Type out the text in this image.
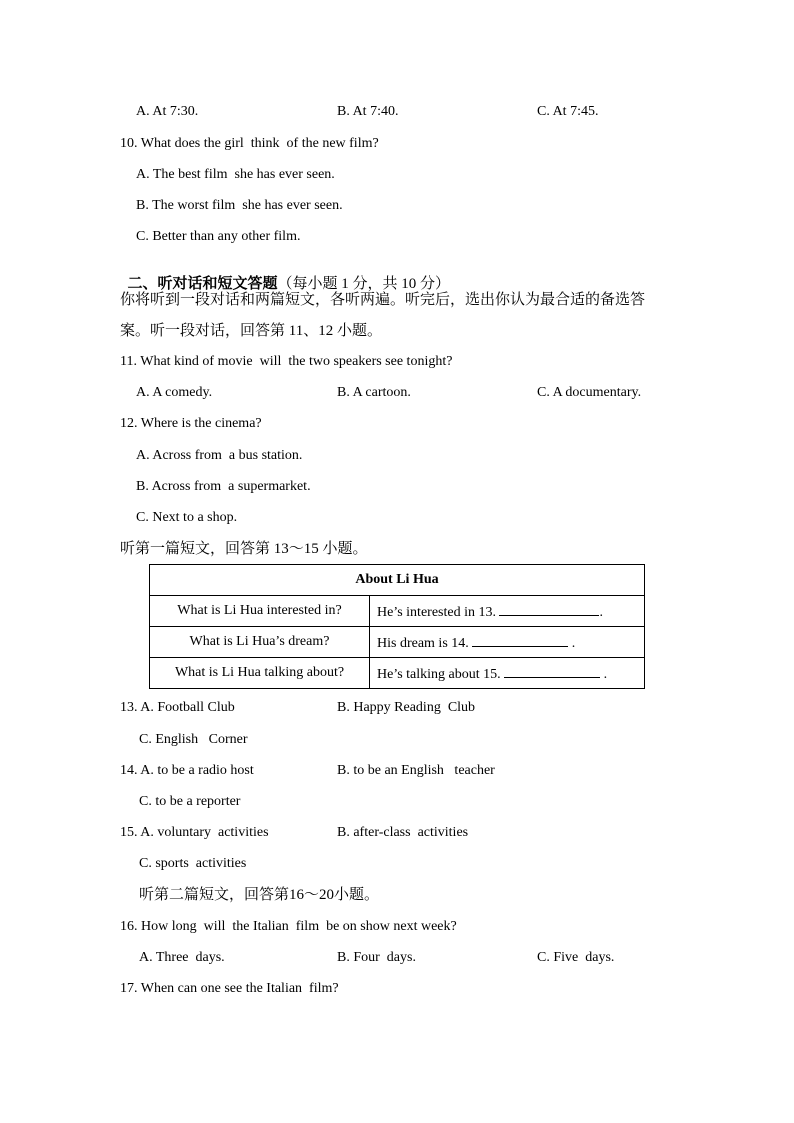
A. At 7:30.	B. At 7:40.	C. At 7:45.
10. What does the girl  think  of the new film?
A. The best film  she has ever seen.
B. The worst film  she has ever seen.
C. Better than any other film.

二、听对话和短文答题（每小题 1 分，共 10 分）

你将听到一段对话和两篇短文，各听两遍。听完后，选出你认为最合适的备选答
案。听一段对话，回答第 11、12 小题。
11. What kind of movie  will  the two speakers see tonight?
A. A comedy.	B. A cartoon.	C. A documentary.
12. Where is the cinema?
A. Across from  a bus station.
B. Across from  a supermarket.
C. Next to a shop.
听第一篇短文，回答第 13～15 小题。
About Li Hua	
What is Li Hua interested in?	He’s interested in 13. .
What is Li Hua’s dream?	His dream is 14. .
What is Li Hua talking about?	He’s talking about 15. .
13. A. Football Club	B. Happy Reading  Club
C. English   Corner
14. A. to be a radio host	B. to be an English   teacher
C. to be a reporter
15. A. voluntary  activities	B. after-class  activities
C. sports  activities
听第二篇短文，回答第16～20小题。
16. How long  will  the Italian  film  be on show next week?
A. Three  days.	B. Four  days.	C. Five  days.
17. When can one see the Italian  film?
